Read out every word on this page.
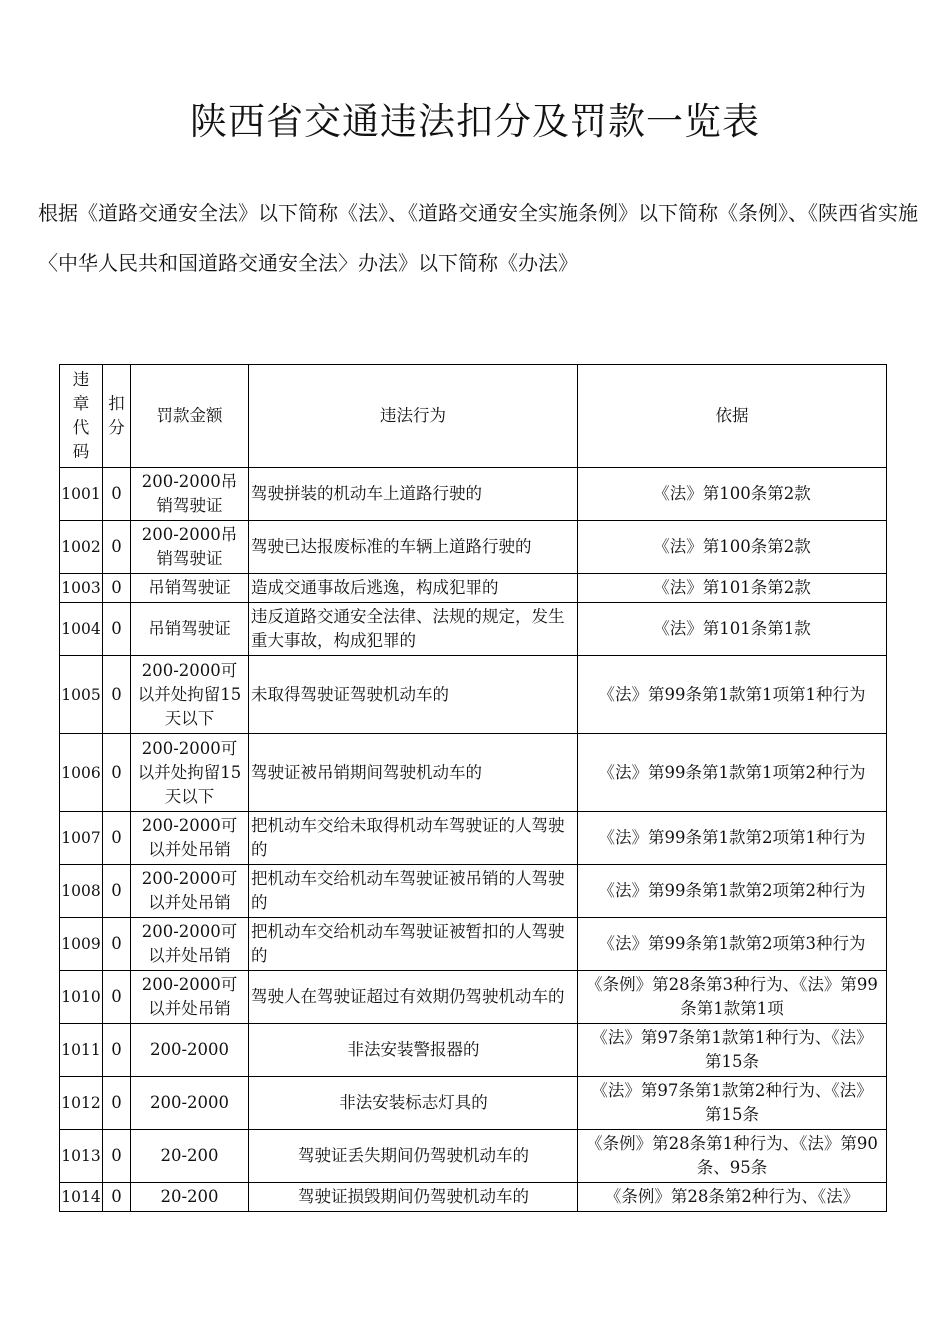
陕西省交通违法扣分及罚款一览表

根据《道路交通安全法》以下简称《法》、《道路交通安全实施条例》以下简称《条例》、《陕西省实施〈中华人民共和国道路交通安全法〉办法》以下简称《办法》

违章代码	扣分	罚款金额	违法行为	依据
1001	0	200-2000吊销驾驶证	驾驶拼装的机动车上道路行驶的	《法》第100条第2款
1002	0	200-2000吊销驾驶证	驾驶已达报废标准的车辆上道路行驶的	《法》第100条第2款
1003	0	吊销驾驶证	造成交通事故后逃逸，构成犯罪的	《法》第101条第2款
1004	0	吊销驾驶证	违反道路交通安全法律、法规的规定，发生重大事故，构成犯罪的	《法》第101条第1款
1005	0	200-2000可以并处拘留15天以下	未取得驾驶证驾驶机动车的	《法》第99条第1款第1项第1种行为
1006	0	200-2000可以并处拘留15天以下	驾驶证被吊销期间驾驶机动车的	《法》第99条第1款第1项第2种行为
1007	0	200-2000可以并处吊销	把机动车交给未取得机动车驾驶证的人驾驶的	《法》第99条第1款第2项第1种行为
1008	0	200-2000可以并处吊销	把机动车交给机动车驾驶证被吊销的人驾驶的	《法》第99条第1款第2项第2种行为
1009	0	200-2000可以并处吊销	把机动车交给机动车驾驶证被暂扣的人驾驶的	《法》第99条第1款第2项第3种行为
1010	0	200-2000可以并处吊销	驾驶人在驾驶证超过有效期仍驾驶机动车的	《条例》第28条第3种行为、《法》第99条第1款第1项
1011	0	200-2000	非法安装警报器的	《法》第97条第1款第1种行为、《法》第15条
1012	0	200-2000	非法安装标志灯具的	《法》第97条第1款第2种行为、《法》第15条
1013	0	20-200	驾驶证丢失期间仍驾驶机动车的	《条例》第28条第1种行为、《法》第90条、95条
1014	0	20-200	驾驶证损毁期间仍驾驶机动车的	《条例》第28条第2种行为、《法》
